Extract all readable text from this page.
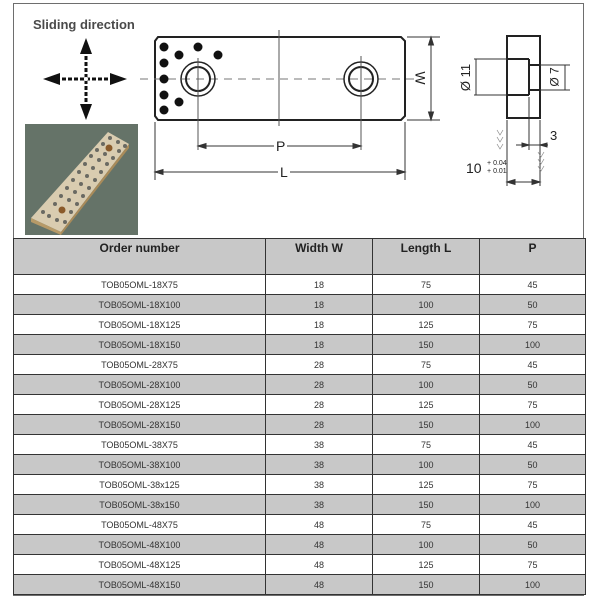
Sliding direction
P
L
W Ø 11	Ø 7
3
10 + 0.04
+ 0.01
Order number	Width W	Length L	P
TOB05OML-18X75	18	75	45
TOB05OML-18X100	18	100	50
TOB05OML-18X125	18	125	75
TOB05OML-18X150	18	150	100
TOB05OML-28X75	28	75	45
TOB05OML-28X100	28	100	50
TOB05OML-28X125	28	125	75
TOB05OML-28X150	28	150	100
TOB05OML-38X75	38	75	45
TOB05OML-38X100	38	100	50
TOB05OML-38x125	38	125	75
TOB05OML-38x150	38	150	100
TOB05OML-48X75	48	75	45
TOB05OML-48X100	48	100	50
TOB05OML-48X125	48	125	75
TOB05OML-48X150	48	150	100
